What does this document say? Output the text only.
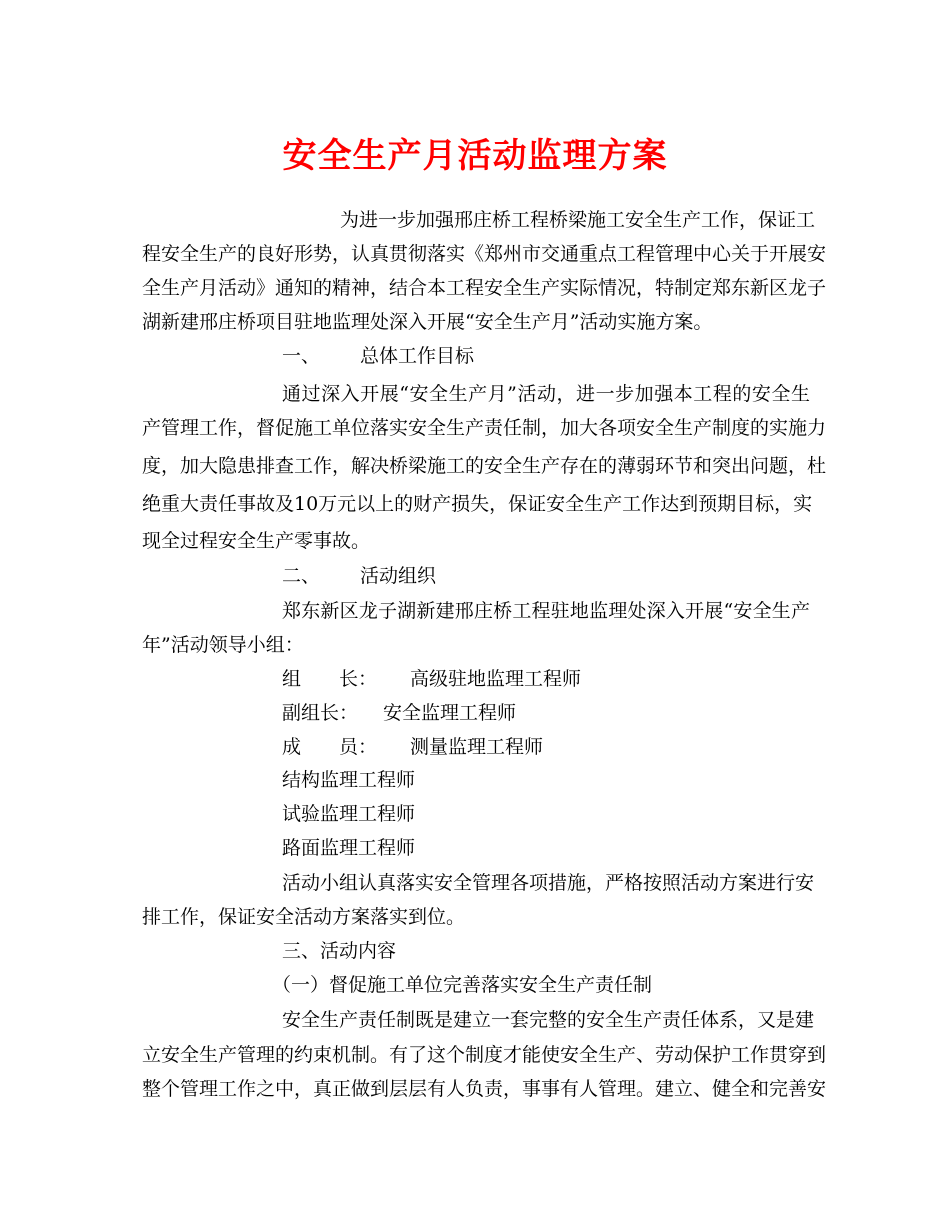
安全生产月活动监理方案
为进一步加强邢庄桥工程桥梁施工安全生产工作，保证工
程安全生产的良好形势，认真贯彻落实《郑州市交通重点工程管理中心关于开展安
全生产月活动》通知的精神，结合本工程安全生产实际情况，特制定郑东新区龙子
湖新建邢庄桥项目驻地监理处深入开展“安全生产月”活动实施方案。
一、 总体工作目标
通过深入开展“安全生产月”活动，进一步加强本工程的安全生
产管理工作，督促施工单位落实安全生产责任制，加大各项安全生产制度的实施力
度，加大隐患排查工作，解决桥梁施工的安全生产存在的薄弱环节和突出问题，杜
绝重大责任事故及10万元以上的财产损失，保证安全生产工作达到预期目标，实
现全过程安全生产零事故。
二、 活动组织
郑东新区龙子湖新建邢庄桥工程驻地监理处深入开展“安全生产
年”活动领导小组：
组　　长： 高级驻地监理工程师
副组长： 安全监理工程师
成　　员： 测量监理工程师
结构监理工程师
试验监理工程师
路面监理工程师
活动小组认真落实安全管理各项措施，严格按照活动方案进行安
排工作，保证安全活动方案落实到位。
三、活动内容
（一）督促施工单位完善落实安全生产责任制
安全生产责任制既是建立一套完整的安全生产责任体系，又是建
立安全生产管理的约束机制。有了这个制度才能使安全生产、劳动保护工作贯穿到
整个管理工作之中，真正做到层层有人负责，事事有人管理。建立、健全和完善安
